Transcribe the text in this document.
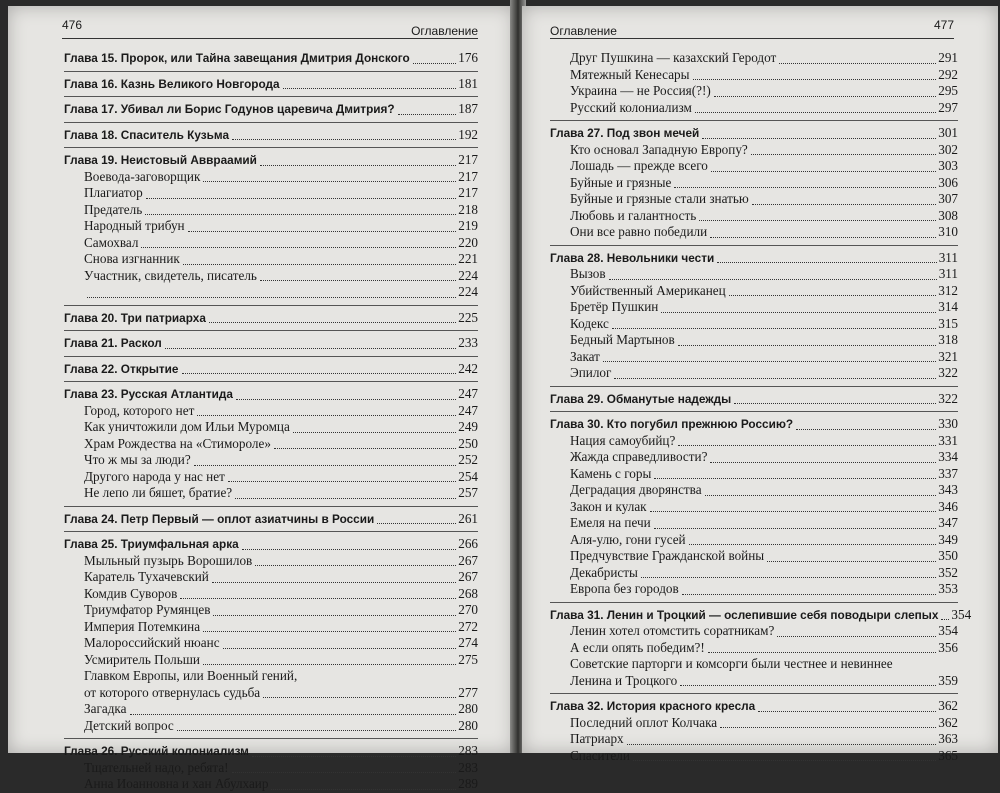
476	Оглавление
Глава 15. Пророк, или Тайна завещания Дмитрия Донского	176
Глава 16. Казнь Великого Новгорода	181
Глава 17. Убивал ли Борис Годунов царевича Дмитрия?	187
Глава 18. Спаситель Кузьма	192
Глава 19. Неистовый Аввраамий	217
Воевода-заговорщик	217
Плагиатор	217
Предатель	218
Народный трибун	219
Самохвал	220
Снова изгнанник	221
Участник, свидетель, писатель	224
224
Глава 20. Три патриарха	225
Глава 21. Раскол	233
Глава 22. Открытие	242
Глава 23. Русская Атлантида	247
Город, которого нет	247
Как уничтожили дом Ильи Муромца	249
Храм Рождества на «Стиморолe»	250
Что ж мы за люди?	252
Другого народа у нас нет	254
Не лепо ли бяшет, братие?	257
Глава 24. Петр Первый — оплот азиатчины в России	261
Глава 25. Триумфальная арка	266
Мыльный пузырь Ворошилов	267
Каратель Тухачевский	267
Комдив Суворов	268
Триумфатор Румянцев	270
Империя Потемкина	272
Малороссийский нюанс	274
Усмиритель Польши	275
Главком Европы, или Военный гений,
от которого отвернулась судьба	277
Загадка	280
Детский вопрос	280
Глава 26. Русский колониализм	283
Тщательней надо, ребята!	283
Анна Иоанновна и хан Абулхаир	289
Оглавление	477
Друг Пушкина — казахский Геродот	291
Мятежный Кенесары	292
Украина — не Россия(?!)	295
Русский колониализм	297
Глава 27. Под звон мечей	301
Кто основал Западную Европу?	302
Лошадь — прежде всего	303
Буйные и грязные	306
Буйные и грязные стали знатью	307
Любовь и галантность	308
Они все равно победили	310
Глава 28. Невольники чести	311
Вызов	311
Убийственный Американец	312
Бретёр Пушкин	314
Кодекс	315
Бедный Мартынов	318
Закат	321
Эпилог	322
Глава 29. Обманутые надежды	322
Глава 30. Кто погубил прежнюю Россию?	330
Нация самоубийц?	331
Жажда справедливости?	334
Камень с горы	337
Деградация дворянства	343
Закон и кулак	346
Емеля на печи	347
Аля-улю, гони гусей	349
Предчувствие Гражданской войны	350
Декабристы	352
Европа без городов	353
Глава 31. Ленин и Троцкий — ослепившие себя поводыри слепых 354
Ленин хотел отомстить соратникам?	354
А если опять победим?!	356
Советские парторги и комсорги были честнее и невиннее
Ленина и Троцкого	359
Глава 32. История красного кресла	362
Последний оплот Колчака	362
Патриарх	363
Спасители	365
